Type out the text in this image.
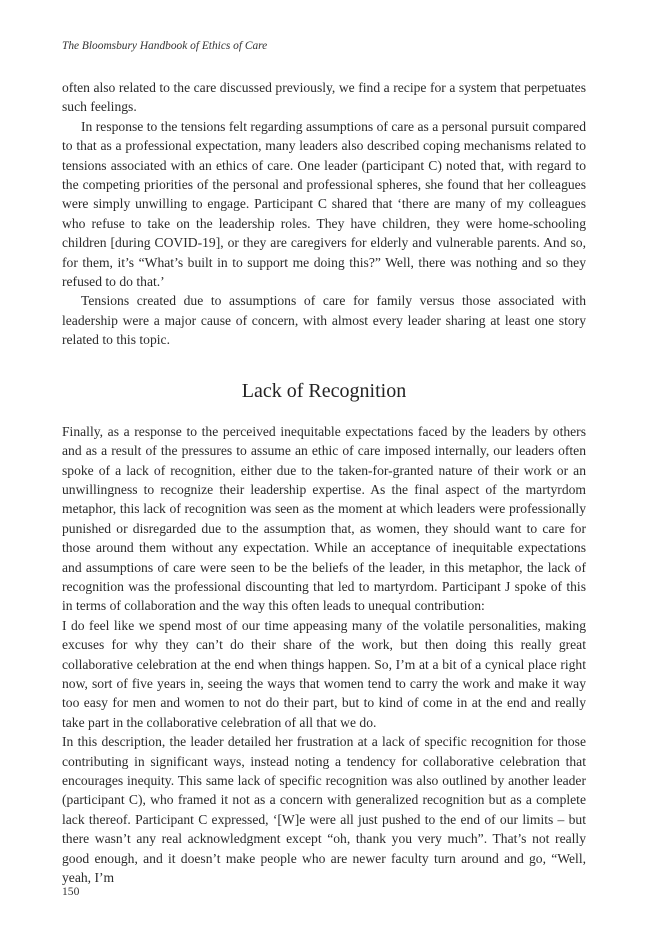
The Bloomsbury Handbook of Ethics of Care

often also related to the care discussed previously, we find a recipe for a system that perpetuates such feelings.

In response to the tensions felt regarding assumptions of care as a personal pursuit compared to that as a professional expectation, many leaders also described coping mechanisms related to tensions associated with an ethics of care. One leader (participant C) noted that, with regard to the competing priorities of the personal and professional spheres, she found that her colleagues were simply unwilling to engage. Participant C shared that ‘there are many of my colleagues who refuse to take on the leadership roles. They have children, they were home-schooling children [during COVID-19], or they are caregivers for elderly and vulnerable parents. And so, for them, it’s “What’s built in to support me doing this?” Well, there was nothing and so they refused to do that.’

Tensions created due to assumptions of care for family versus those associated with leadership were a major cause of concern, with almost every leader sharing at least one story related to this topic.

Lack of Recognition

Finally, as a response to the perceived inequitable expectations faced by the leaders by others and as a result of the pressures to assume an ethic of care imposed internally, our leaders often spoke of a lack of recognition, either due to the taken-for-granted nature of their work or an unwillingness to recognize their leadership expertise. As the final aspect of the martyrdom metaphor, this lack of recognition was seen as the moment at which leaders were professionally punished or disregarded due to the assumption that, as women, they should want to care for those around them without any expectation. While an acceptance of inequitable expectations and assumptions of care were seen to be the beliefs of the leader, in this metaphor, the lack of recognition was the professional discounting that led to martyrdom. Participant J spoke of this in terms of collaboration and the way this often leads to unequal contribution:

I do feel like we spend most of our time appeasing many of the volatile personalities, making excuses for why they can’t do their share of the work, but then doing this really great collaborative celebration at the end when things happen. So, I’m at a bit of a cynical place right now, sort of five years in, seeing the ways that women tend to carry the work and make it way too easy for men and women to not do their part, but to kind of come in at the end and really take part in the collaborative celebration of all that we do.

In this description, the leader detailed her frustration at a lack of specific recognition for those contributing in significant ways, instead noting a tendency for collaborative celebration that encourages inequity. This same lack of specific recognition was also outlined by another leader (participant C), who framed it not as a concern with generalized recognition but as a complete lack thereof. Participant C expressed, ‘[W]e were all just pushed to the end of our limits – but there wasn’t any real acknowledgment except “oh, thank you very much”. That’s not really good enough, and it doesn’t make people who are newer faculty turn around and go, “Well, yeah, I’m

150
